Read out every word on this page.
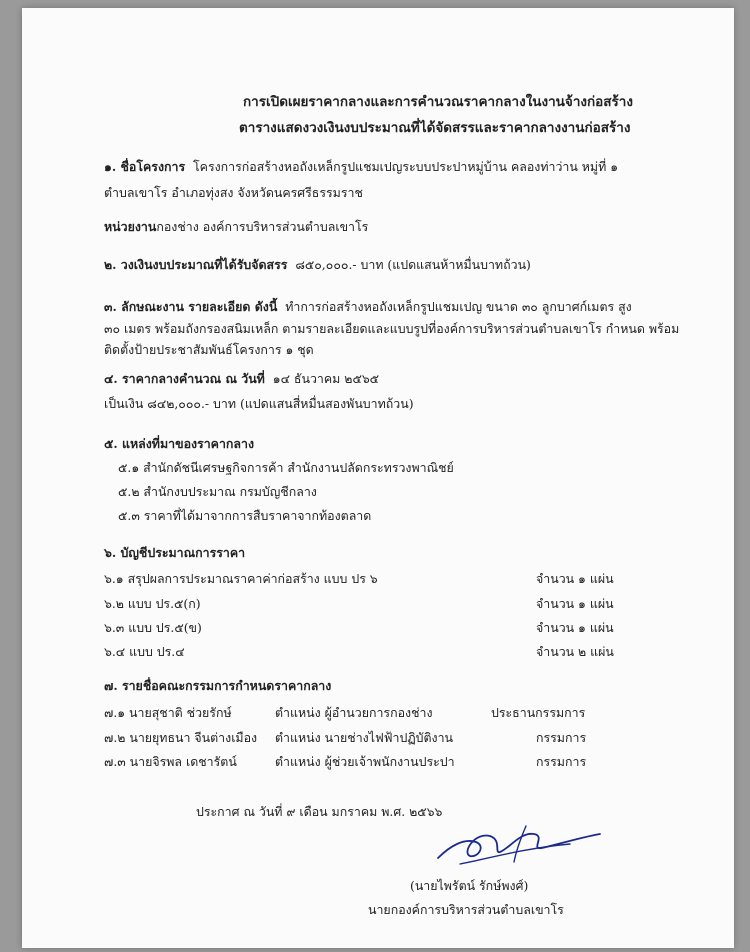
การเปิดเผยราคากลางและการคำนวณราคากลางในงานจ้างก่อสร้าง
ตารางแสดงวงเงินงบประมาณที่ได้จัดสรรและราคากลางงานก่อสร้าง
๑. ชื่อโครงการ โครงการก่อสร้างหอถังเหล็กรูปแชมเปญระบบประปาหมู่บ้าน คลองท่าว่าน หมู่ที่ ๑
ตำบลเขาโร อำเภอทุ่งสง จังหวัดนครศรีธรรมราช
หน่วยงานกองช่าง องค์การบริหารส่วนตำบลเขาโร
๒. วงเงินงบประมาณที่ได้รับจัดสรร ๘๕๐,๐๐๐.- บาท (แปดแสนห้าหมื่นบาทถ้วน)
๓. ลักษณะงาน รายละเอียด ดังนี้ ทำการก่อสร้างหอถังเหล็กรูปแชมเปญ ขนาด ๓๐ ลูกบาศก์เมตร สูง
๓๐ เมตร พร้อมถังกรองสนิมเหล็ก ตามรายละเอียดและแบบรูปที่องค์การบริหารส่วนตำบลเขาโร กำหนด พร้อม
ติดตั้งป้ายประชาสัมพันธ์โครงการ ๑ ชุด
๔. ราคากลางคำนวณ ณ วันที่ ๑๔ ธันวาคม ๒๕๖๕
เป็นเงิน ๘๔๒,๐๐๐.- บาท (แปดแสนสี่หมื่นสองพันบาทถ้วน)
๕. แหล่งที่มาของราคากลาง
๕.๑ สำนักดัชนีเศรษฐกิจการค้า สำนักงานปลัดกระทรวงพาณิชย์
๕.๒ สำนักงบประมาณ กรมบัญชีกลาง
๕.๓ ราคาที่ได้มาจากการสืบราคาจากท้องตลาด
๖. บัญชีประมาณการราคา
๖.๑ สรุปผลการประมาณราคาค่าก่อสร้าง แบบ ปร ๖	จำนวน ๑ แผ่น
๖.๒ แบบ ปร.๕(ก)	จำนวน ๑ แผ่น
๖.๓ แบบ ปร.๕(ข)	จำนวน ๑ แผ่น
๖.๔ แบบ ปร.๔	จำนวน ๒ แผ่น
๗. รายชื่อคณะกรรมการกำหนดราคากลาง
๗.๑ นายสุชาติ ช่วยรักษ์	ตำแหน่ง ผู้อำนวยการกองช่าง	ประธานกรรมการ
๗.๒ นายยุทธนา จีนต่างเมือง ตำแหน่ง นายช่างไฟฟ้าปฏิบัติงาน	กรรมการ
๗.๓ นายจิรพล เดชารัตน์	ตำแหน่ง ผู้ช่วยเจ้าพนักงานประปา	กรรมการ
ประกาศ ณ วันที่ ๙ เดือน มกราคม พ.ศ. ๒๕๖๖
(นายไพรัตน์ รักษ์พงศ์)
นายกองค์การบริหารส่วนตำบลเขาโร
